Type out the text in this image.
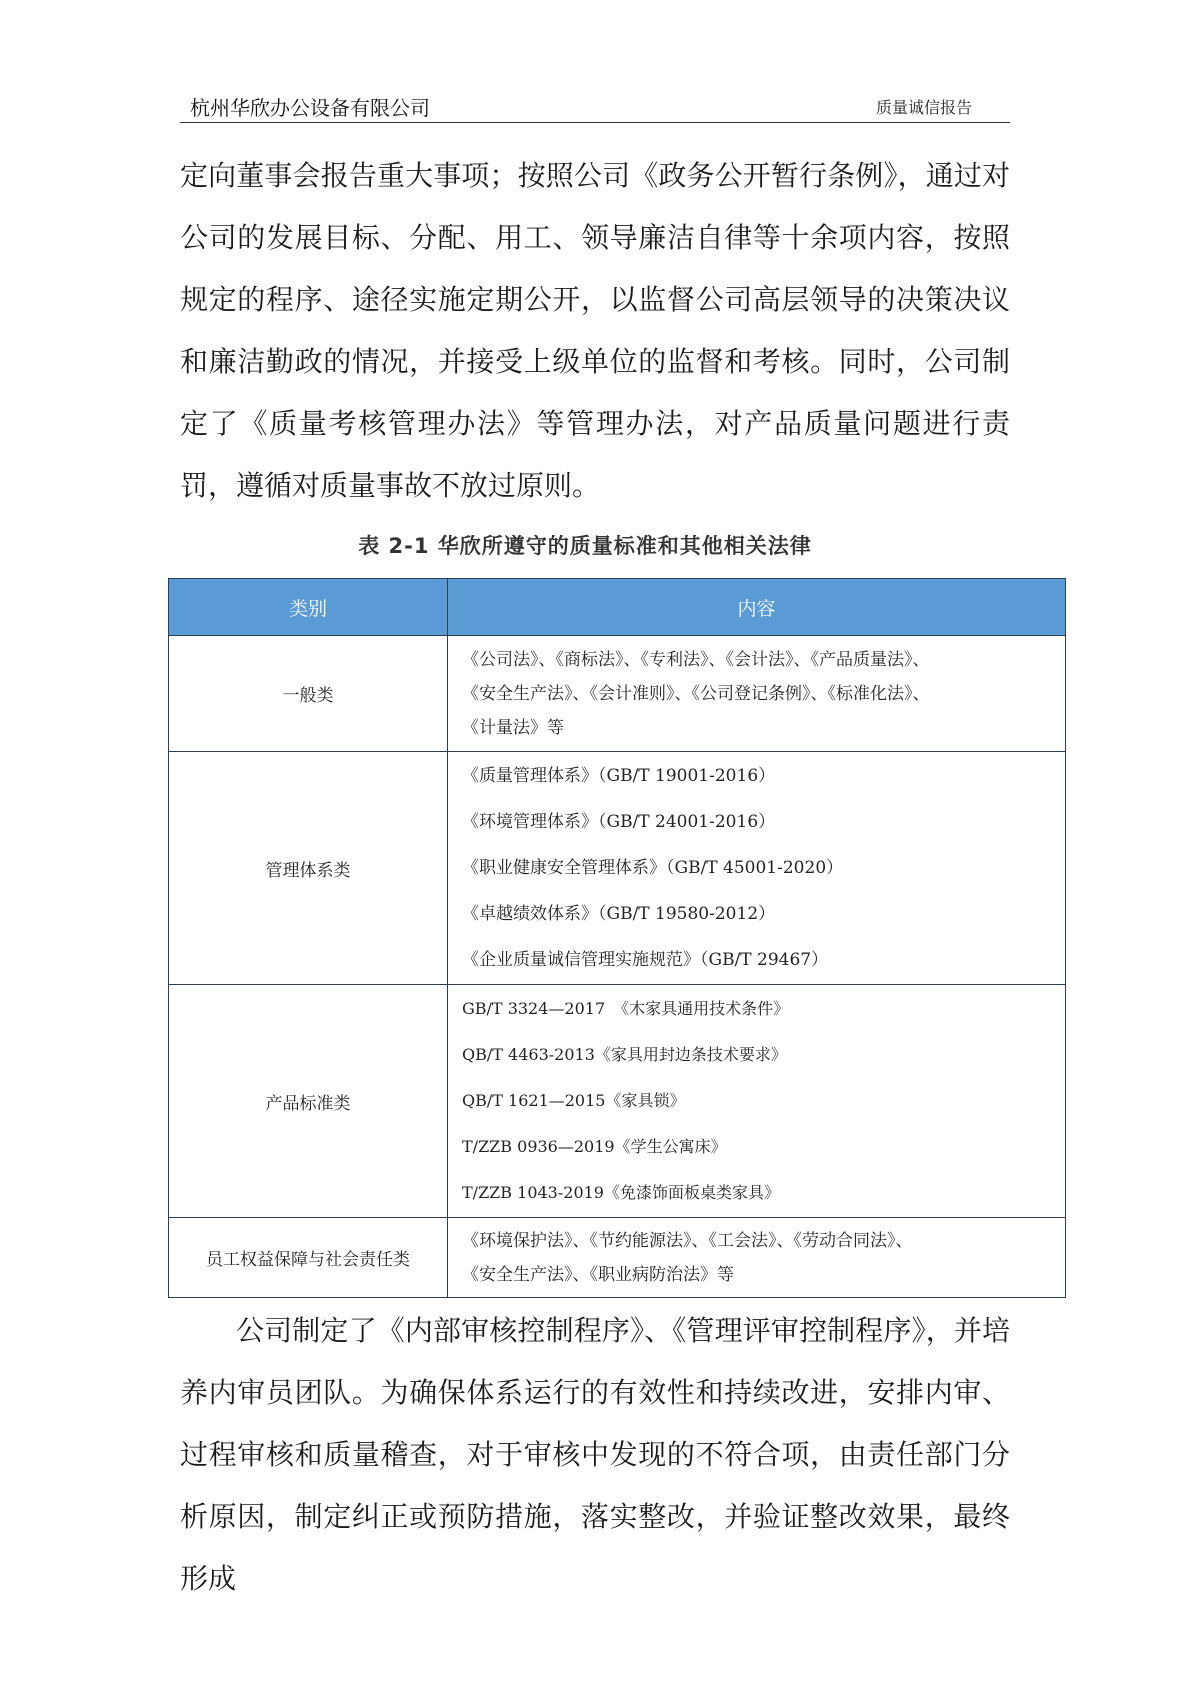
杭州华欣办公设备有限公司	质量诚信报告

定向董事会报告重大事项；按照公司《政务公开暂行条例》，通过对公司的发展目标、分配、用工、领导廉洁自律等十余项内容，按照规定的程序、途径实施定期公开，以监督公司高层领导的决策决议和廉洁勤政的情况，并接受上级单位的监督和考核。同时，公司制定了《质量考核管理办法》等管理办法，对产品质量问题进行责罚，遵循对质量事故不放过原则。

表 2-1 华欣所遵守的质量标准和其他相关法律
类别	内容
一般类	《公司法》、《商标法》、《专利法》、《会计法》、《产品质量法》、
《安全生产法》、《会计准则》、《公司登记条例》、《标准化法》、
《计量法》等

管理体系类	《质量管理体系》（GB/T 19001-2016）
《环境管理体系》（GB/T 24001-2016）
《职业健康安全管理体系》（GB/T 45001-2020）
《卓越绩效体系》（GB/T 19580-2012）
《企业质量诚信管理实施规范》（GB/T 29467）

产品标准类	GB/T 3324—2017　《木家具通用技术条件》
QB/T 4463-2013《家具用封边条技术要求》
QB/T 1621—2015《家具锁》
T/ZZB 0936—2019《学生公寓床》
T/ZZB 1043-2019《免漆饰面板桌类家具》

员工权益保障与社会责任类	《环境保护法》、《节约能源法》、《工会法》、《劳动合同法》、
《安全生产法》、《职业病防治法》等

公司制定了《内部审核控制程序》、《管理评审控制程序》，并培养内审员团队。为确保体系运行的有效性和持续改进，安排内审、过程审核和质量稽查，对于审核中发现的不符合项，由责任部门分析原因，制定纠正或预防措施，落实整改，并验证整改效果，最终形成
